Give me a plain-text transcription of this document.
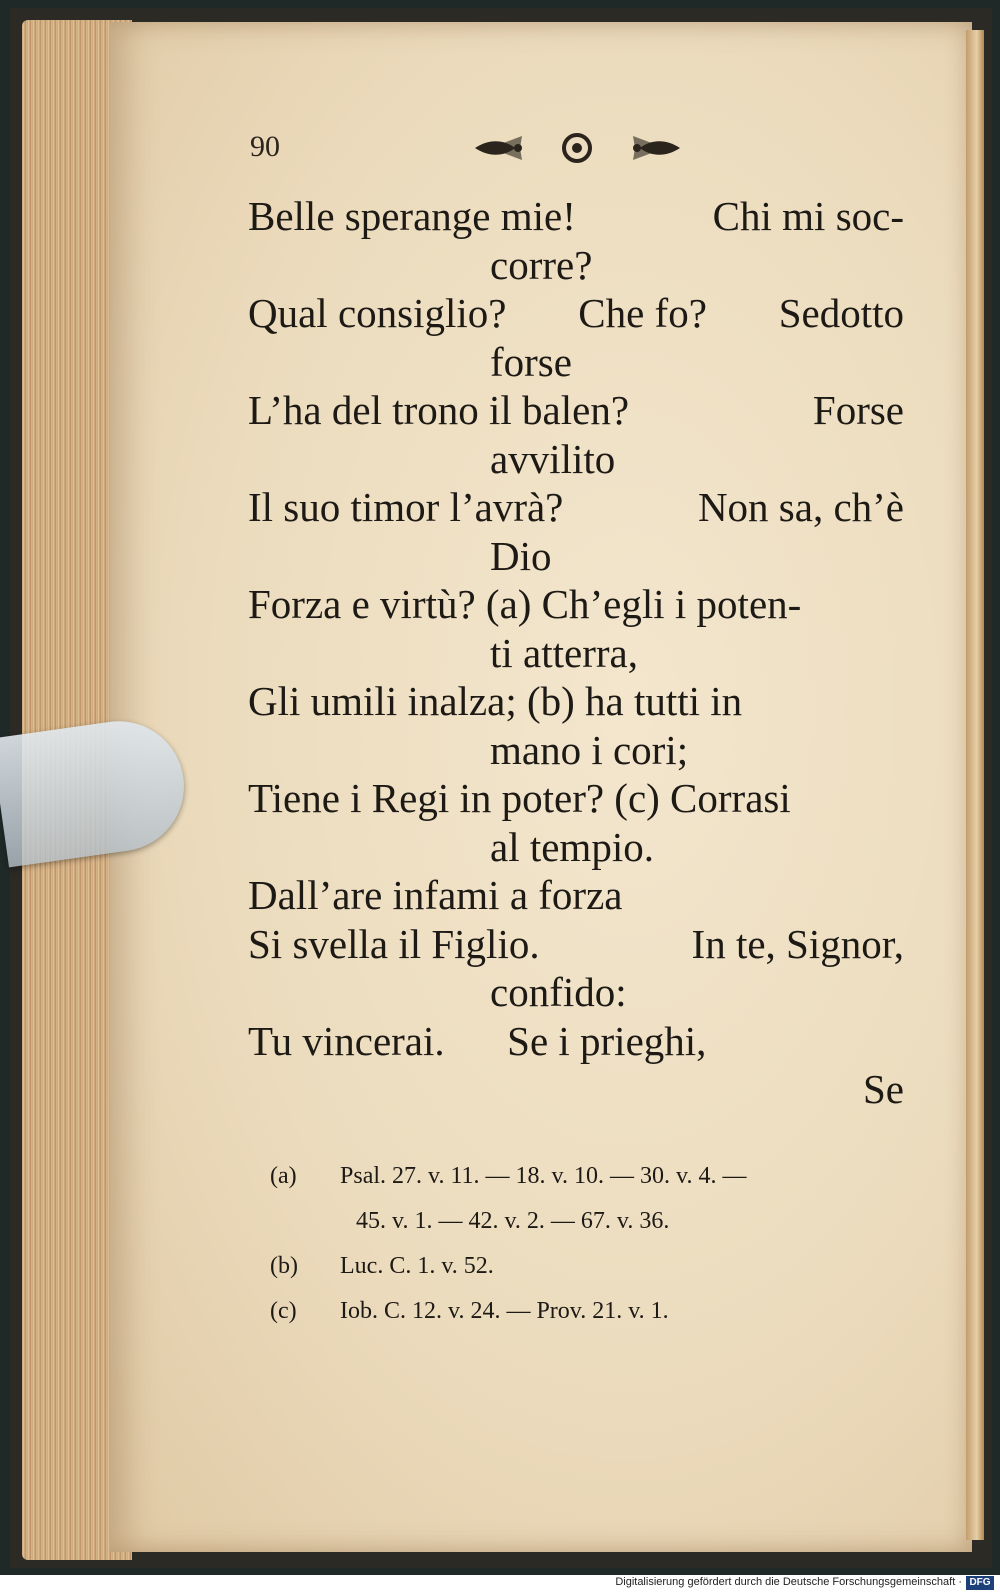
90
Belle sperange mie!	Chi mi soc-
corre?
Qual consiglio? Che fo? Sedotto
forse
L’ha del trono il balen?	Forse
avvilito
Il suo timor l’avrà?	Non sa, ch’è
Dio
Forza e virtù? (a) Ch’egli i poten-
ti atterra,
Gli umili inalza; (b) ha tutti in
mano i cori;
Tiene i Regi in poter? (c) Corrasi
al tempio.
Dall’are infami a forza
Si svella il Figlio.	In te, Signor,
confido:
Tu vincerai. Se i prieghi,
Se
(a) Psal. 27. v. 11. — 18. v. 10. — 30. v. 4. —
45. v. 1. — 42. v. 2. — 67. v. 36.
(b) Luc. C. 1. v. 52.
(c) Iob. C. 12. v. 24. — Prov. 21. v. 1.
Digitalisierung gefördert durch die Deutsche Forschungsgemeinschaft · DFG
